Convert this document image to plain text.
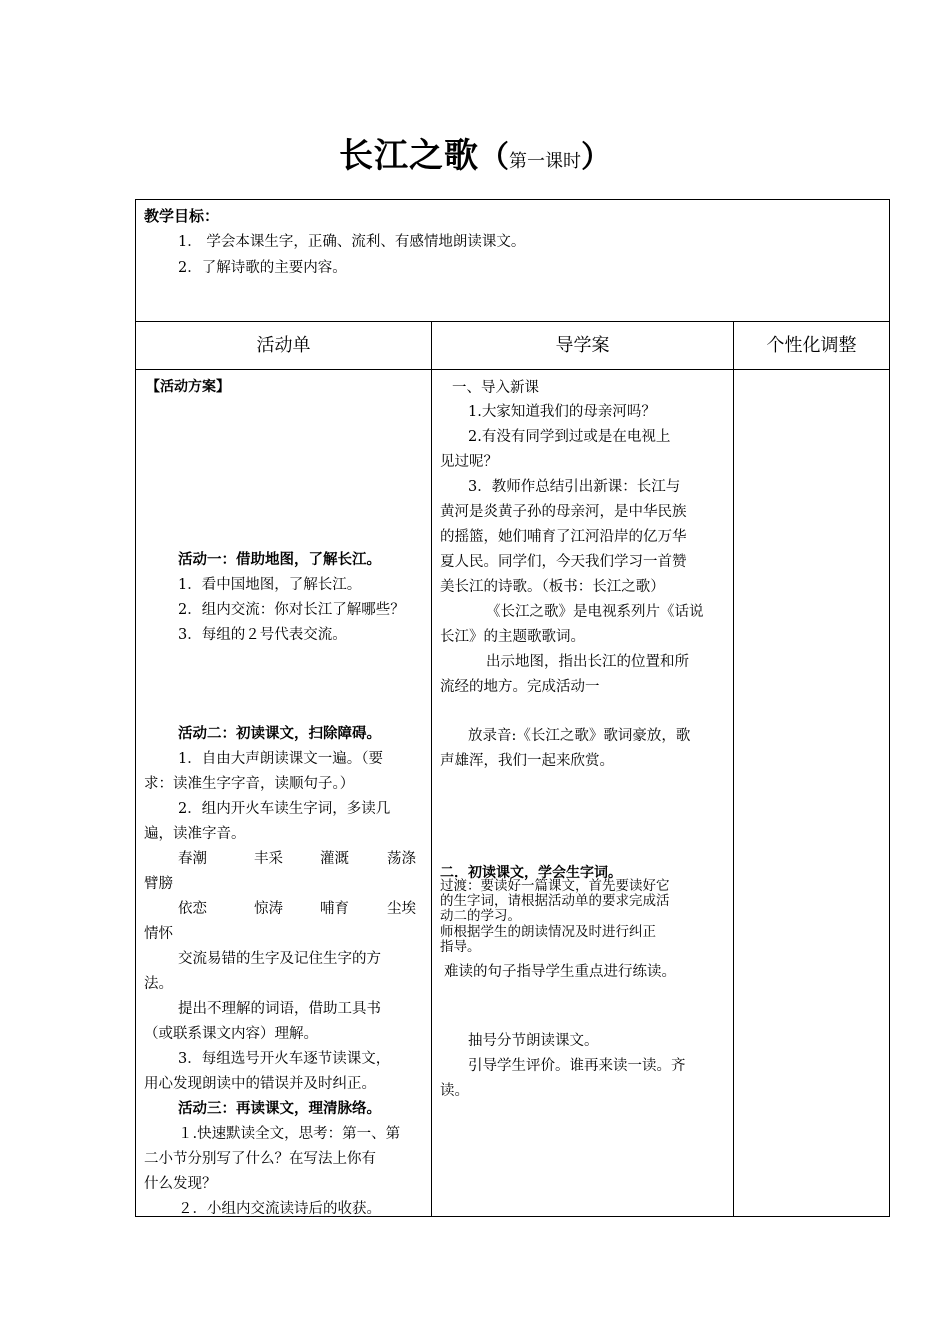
长江之歌（第一课时）
教学目标：
1． 学会本课生字，正确、流利、有感情地朗读课文。
2．了解诗歌的主要内容。
活动单	导学案	个性化调整
【活动方案】
活动一：借助地图，了解长江。
1．看中国地图，了解长江。
2．组内交流：你对长江了解哪些？
3．每组的２号代表交流。
活动二：初读课文，扫除障碍。
1．自由大声朗读课文一遍。（要
求：读准生字字音，读顺句子。）
2．组内开火车读生字词，多读几
遍，读准字音。
春潮	丰采	灌溉	荡涤
臂膀
依恋	惊涛	哺育	尘埃
情怀
交流易错的生字及记住生字的方
法。
提出不理解的词语，借助工具书
（或联系课文内容）理解。
3．每组选号开火车逐节读课文，
用心发现朗读中的错误并及时纠正。
活动三：再读课文，理清脉络。
１.快速默读全文，思考：第一、第
二小节分别写了什么？在写法上你有
什么发现？
２．小组内交流读诗后的收获。
一、导入新课
1.大家知道我们的母亲河吗？
2.有没有同学到过或是在电视上
见过呢？
3．教师作总结引出新课：长江与
黄河是炎黄子孙的母亲河，是中华民族
的摇篮，她们哺育了江河沿岸的亿万华
夏人民。同学们，今天我们学习一首赞
美长江的诗歌。（板书：长江之歌）
《长江之歌》是电视系列片《话说
长江》的主题歌歌词。
出示地图，指出长江的位置和所
流经的地方。完成活动一
放录音:《长江之歌》歌词豪放，歌
声雄浑，我们一起来欣赏。
二．初读课文，学会生字词。
过渡：要读好一篇课文，首先要读好它
的生字词，请根据活动单的要求完成活
动二的学习。
师根据学生的朗读情况及时进行纠正
指导。
难读的句子指导学生重点进行练读。
抽号分节朗读课文。
引导学生评价。谁再来读一读。齐
读。
